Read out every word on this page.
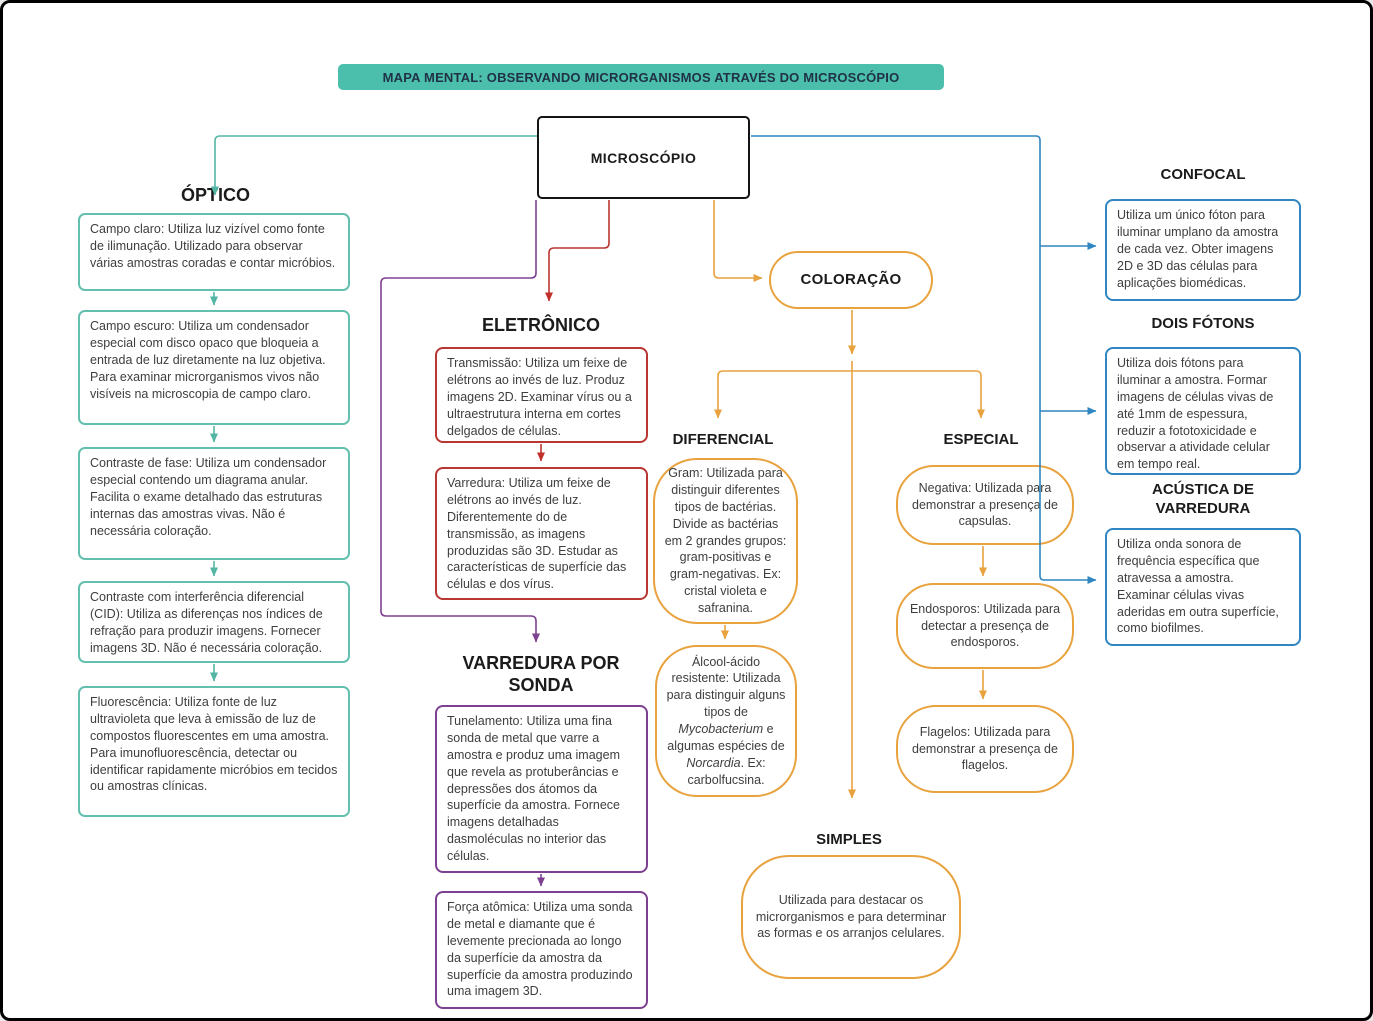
MAPA MENTAL: OBSERVANDO MICRORGANISMOS ATRAVÉS DO MICROSCÓPIO
MICROSCÓPIO
ÓPTICO
Campo claro: Utiliza luz vizível como fonte de ilimunação. Utilizado para observar várias amostras coradas e contar micróbios.
Campo escuro: Utiliza um condensador especial com disco opaco que bloqueia a entrada de luz diretamente na luz objetiva. Para examinar microrganismos vivos não visíveis na microscopia de campo claro.
Contraste de fase: Utiliza um condensador especial contendo um diagrama anular. Facilita o exame detalhado das estruturas internas das amostras vivas. Não é necessária coloração.
Contraste com interferência diferencial (CID): Utiliza as diferenças nos índices de refração para produzir imagens. Fornecer imagens 3D. Não é necessária coloração.
Fluorescência: Utiliza fonte de luz ultravioleta que leva à emissão de luz de compostos fluorescentes em uma amostra. Para imunofluorescência, detectar ou identificar rapidamente micróbios em tecidos ou amostras clínicas.
ELETRÔNICO
Transmissão: Utiliza um feixe de elétrons ao invés de luz. Produz imagens 2D. Examinar vírus ou a ultraestrutura interna em cortes delgados de células.
Varredura: Utiliza um feixe de elétrons ao invés de luz. Diferentemente do de transmissão, as imagens produzidas são 3D. Estudar as características de superfície das células e dos vírus.
VARREDURA POR SONDA
Tunelamento: Utiliza uma fina sonda de metal que varre a amostra e produz uma imagem que revela as protuberâncias e depressões dos átomos da superfície da amostra. Fornece imagens detalhadas dasmoléculas no interior das células.
Força atômica: Utiliza uma sonda de metal e diamante que é levemente precionada ao longo da superfície da amostra da superfície da amostra produzindo uma imagem 3D.
COLORAÇÃO
DIFERENCIAL
Gram: Utilizada para distinguir diferentes tipos de bactérias. Divide as bactérias em 2 grandes grupos: gram-positivas e gram-negativas. Ex: cristal violeta e safranina.
Álcool-ácido resistente: Utilizada para distinguir alguns tipos de Mycobacterium e algumas espécies de Norcardia. Ex: carbolfucsina.
ESPECIAL
Negativa: Utilizada para demonstrar a presença de capsulas.
Endosporos: Utilizada para detectar a presença de endosporos.
Flagelos: Utilizada para demonstrar a presença de flagelos.
SIMPLES
Utilizada para destacar os microrganismos e para determinar as formas e os arranjos celulares.
CONFOCAL
Utiliza um único fóton para iluminar umplano da amostra de cada vez. Obter imagens 2D e 3D das células para aplicações biomédicas.
DOIS FÓTONS
Utiliza dois fótons para iluminar a amostra. Formar imagens de células vivas de até 1mm de espessura, reduzir a fototoxicidade e observar a atividade celular em tempo real.
ACÚSTICA DE VARREDURA
Utiliza onda sonora de frequência específica que atravessa a amostra. Examinar células vivas aderidas em outra superfície, como biofilmes.
